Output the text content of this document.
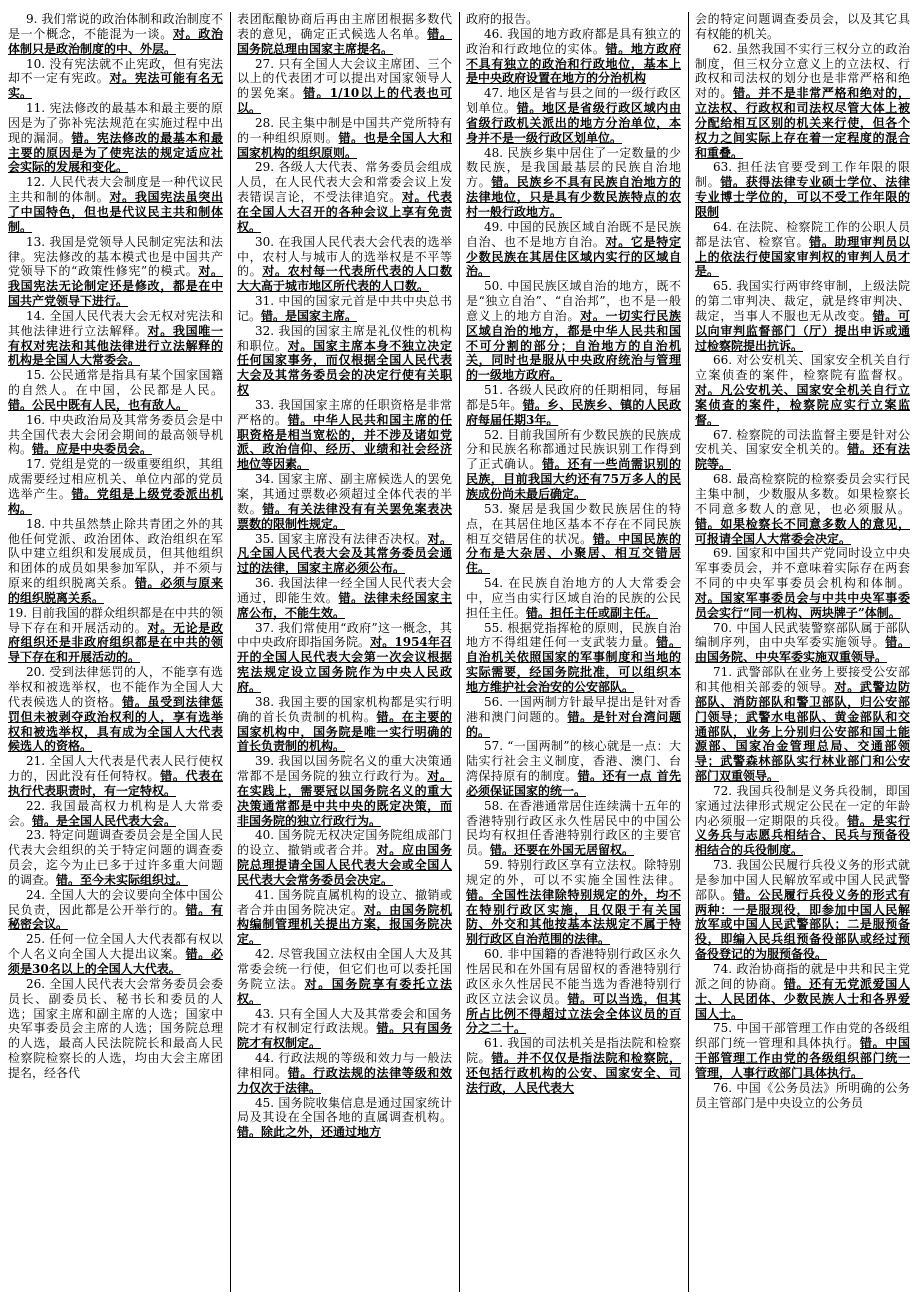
9. 我们常说的政治体制和政治制度不是一个概念，不能混为一谈。对。政治体制只是政治制度的中、外层。

10. 没有宪法就不止宪政，但有宪法却不一定有宪政。对。宪法可能有名无实。

11. 宪法修改的最基本和最主要的原因是为了弥补宪法规范在实施过程中出现的漏洞。错。宪法修改的最基本和最主要的原因是为了使宪法的规定适应社会实际的发展和变化。

12. 人民代表大会制度是一种代议民主共和制的体制。对。我国宪法虽突出了中国特色，但也是代议民主共和制体制。

13. 我国是党领导人民制定宪法和法律。宪法修改的基本模式也是中国共产党领导下的“政策性修宪”的模式。对。我国宪法无论制定还是修改，都是在中国共产党领导下进行。

14. 全国人民代表大会无权对宪法和其他法律进行立法解释。对。我国唯一有权对宪法和其他法律进行立法解释的机构是全国人大常委会。

15. 公民通常是指具有某个国家国籍的自然人。在中国，公民都是人民。错。公民中既有人民，也有敌人。

16. 中央政治局及其常务委员会是中共全国代表大会闭会期间的最高领导机构。错。应是中央委员会。

17. 党组是党的一级重要组织，其组成需要经过相应机关、单位内部的党员选举产生。错。党组是上级党委派出机构。

18. 中共虽然禁止除共青团之外的其他任何党派、政治团体、政治组织在军队中建立组织和发展成员，但其他组织和团体的成员如果参加军队，并不须与原来的组织脱离关系。错。必须与原来的组织脱离关系。

19. 目前我国的群众组织都是在中共的领导下存在和开展活动的。对。无论是政府组织还是非政府组织都是在中共的领导下存在和开展活动的。

20. 受到法律惩罚的人，不能享有选举权和被选举权，也不能作为全国人大代表候选人的资格。错。虽受到法律惩罚但未被剥夺政治权利的人，享有选举权和被选举权，具有成为全国人大代表候选人的资格。

21. 全国人大代表是代表人民行使权力的，因此没有任何特权。错。代表在执行代表职责时，有一定特权。

22. 我国最高权力机构是人大常委会。错。是全国人民代表大会。

23. 特定问题调查委员会是全国人民代表大会组织的关于特定问题的调查委员会，迄今为止已多于过许多重大问题的调查。错。至今未实际组织过。

24. 全国人大的会议要向全体中国公民负责，因此都是公开举行的。错。有秘密会议。

25. 任何一位全国人大代表都有权以个人名义向全国人大提出议案。错。必须是30名以上的全国人大代表。

26. 全国人民代表大会常务委员会委员长、副委员长、秘书长和委员的人选；国家主席和副主席的人选；国家中央军事委员会主席的人选；国务院总理的人选，最高人民法院院长和最高人民检察院检察长的人选，均由大会主席团提名，经各代

表团酝酿协商后再由主席团根据多数代表的意见，确定正式候选人名单。错。国务院总理由国家主席提名。

27. 只有全国人大会议主席团、三个以上的代表团才可以提出对国家领导人的罢免案。错。1/10以上的代表也可以。

28. 民主集中制是中国共产党所特有的一种组织原则。错。也是全国人大和国家机构的组织原则。

29. 各级人大代表、常务委员会组成人员，在人民代表大会和常委会议上发表错误言论，不受法律追究。对。代表在全国人大召开的各种会议上享有免责权。

30. 在我国人民代表大会代表的选举中，农村人与城市人的选举权是不平等的。对。农村每一代表所代表的人口数大大高于城市地区所代表的人口数。

31. 中国的国家元首是中共中央总书记。错。是国家主席。

32. 我国的国家主席是礼仪性的机构和职位。对。国家主席本身不独立决定任何国家事务，而仅根据全国人民代表大会及其常务委员会的决定行使有关职权

33. 我国国家主席的任职资格是非常严格的。错。中华人民共和国主席的任职资格是相当宽松的，并不涉及诸如党派、政治信仰、经历、业绩和社会经济地位等因素。

34. 国家主席、副主席候选人的罢免案，其通过票数必须超过全体代表的半数。错。有关法律没有有关罢免案表决票数的限制性规定。

35. 国家主席没有法律否决权。对。凡全国人民代表大会及其常务委员会通过的法律，国家主席必须公布。

36. 我国法律一经全国人民代表大会通过，即能生效。错。法律未经国家主席公布，不能生效。

37. 我们常使用“政府”这一概念，其中中央政府即指国务院。对。1954年召开的全国人民代表大会第一次会议根据宪法规定设立国务院作为中央人民政府。

38. 我国主要的国家机构都是实行明确的首长负责制的机构。错。在主要的国家机构中，国务院是唯一实行明确的首长负责制的机构。

39. 我国以国务院名义的重大决策通常都不是国务院的独立行政行为。对。在实践上，需要冠以国务院名义的重大决策通常都是中共中央的既定决策，而非国务院的独立行政行为。

40. 国务院无权决定国务院组成部门的设立、撤销或者合并。对。应由国务院总理提请全国人民代表大会或全国人民代表大会常务委员会决定。

41. 国务院直属机构的设立、撤销或者合并由国务院决定。对。由国务院机构编制管理机关提出方案，报国务院决定。

42. 尽管我国立法权由全国人大及其常委会统一行使，但它们也可以委托国务院立法。对。国务院享有委托立法权。

43. 只有全国人大及其常委会和国务院才有权制定行政法规。错。只有国务院才有权制定。

44. 行政法规的等级和效力与一般法律相同。错。行政法规的法律等级和效力仅次于法律。

45. 国务院收集信息是通过国家统计局及其设在全国各地的直属调查机构。错。除此之外，还通过地方

政府的报告。

46. 我国的地方政府都是具有独立的政治和行政地位的实体。错。地方政府不具有独立的政治和行政地位，基本上是中央政府设置在地方的分治机构

47. 地区是省与县之间的一级行政区划单位。错。地区是省级行政区域内由省级行政机关派出的地方分治单位，本身并不是一级行政区划单位。

48. 民族乡集中居住了一定数量的少数民族，是我国最基层的民族自治地方。错。民族乡不具有民族自治地方的法律地位，只是具有少数民族特点的农村一般行政地方。

49. 中国的民族区域自治既不是民族自治、也不是地方自治。对。它是特定少数民族在其居住区域内实行的区域自治。

50. 中国民族区域自治的地方，既不是“独立自治”、“自治邦”，也不是一般意义上的地方自治。对。一切实行民族区域自治的地方，都是中华人民共和国不可分割的部分；自治地方的自治机关，同时也是服从中央政府统治与管理的一级地方政府。

51. 各级人民政府的任期相同，每届都是5年。错。乡、民族乡、镇的人民政府每届任期3年。

52. 目前我国所有少数民族的民族成分和民族名称都通过民族识别工作得到了正式确认。错。还有一些尚需识别的民族，目前我国大约还有75万多人的民族成份尚未最后确定。

53. 聚居是我国少数民族居住的特点，在其居住地区基本不存在不同民族相互交错居住的状况。错。中国民族的分布是大杂居、小聚居、相互交错居住。

54. 在民族自治地方的人大常委会中，应当由实行区域自治的民族的公民担任主任。错。担任主任或副主任。

55. 根据党指挥枪的原则，民族自治地方不得组建任何一支武装力量。错。自治机关依照国家的军事制度和当地的实际需要，经国务院批准，可以组织本地方维护社会治安的公安部队。

56. 一国两制方针最早提出是针对香港和澳门问题的。错。是针对台湾问题的。

57. “一国两制”的核心就是一点：大陆实行社会主义制度，香港、澳门、台湾保持原有的制度。错。还有一点 首先必须保证国家的统一。

58. 在香港通常居住连续满十五年的香港特别行政区永久性居民中的中国公民均有权担任香港特别行政区的主要官员。错。还要在外国无居留权。

59. 特别行政区享有立法权。除特别规定的外，可以不实施全国性法律。错。全国性法律除特别规定的外，均不在特别行政区实施，且仅限于有关国防、外交和其他按基本法规定不属于特别行政区自治范围的法律。

60. 非中国籍的香港特别行政区永久性居民和在外国有居留权的香港特别行政区永久性居民不能当选为香港特别行政区立法会议员。错。可以当选，但其所占比例不得超过立法会全体议员的百分之二十。

61. 我国的司法机关是指法院和检察院。错。并不仅仅是指法院和检察院，还包括行政机构的公安、国家安全、司法行政，人民代表大

会的特定问题调查委员会，以及其它具有权能的机关。

62. 虽然我国不实行三权分立的政治制度，但三权分立意义上的立法权、行政权和司法权的划分也是非常严格和绝对的。错。并不是非常严格和绝对的，立法权、行政权和司法权尽管大体上被分配给相互区别的机关来行使，但各个权力之间实际上存在着一定程度的混合和重叠。

63. 担任法官要受到工作年限的限制。错。获得法律专业硕士学位、法律专业博士学位的，可以不受工作年限的限制

64. 在法院、检察院工作的公职人员都是法官、检察官。错。助理审判员以上的依法行使国家审判权的审判人员才是。

65. 我国实行两审终审制，上级法院的第二审判决、裁定，就是终审判决、裁定，当事人不服也无从改变。错。可以向审判监督部门（厅）提出申诉或通过检察院提出抗诉。

66. 对公安机关、国家安全机关自行立案侦查的案件，检察院有监督权。对。凡公安机关、国家安全机关自行立案侦查的案件，检察院应实行立案监督。

67. 检察院的司法监督主要是针对公安机关、国家安全机关的。错。还有法院等。

68. 最高检察院的检察委员会实行民主集中制，少数服从多数。如果检察长不同意多数人的意见，也必须服从。错。如果检察长不同意多数人的意见，可报请全国人大常委会决定。

69. 国家和中国共产党同时设立中央军事委员会，并不意味着实际存在两套不同的中央军事委员会机构和体制。对。国家军事委员会与中共中央军事委员会实行“同一机构、两块牌子”体制。

70. 中国人民武装警察部队属于部队编制序列，由中央军委实施领导。错。由国务院、中央军委实施双重领导。

71. 武警部队在业务上要接受公安部和其他相关部委的领导。对。武警边防部队、消防部队和警卫部队，归公安部门领导；武警水电部队、黄金部队和交通部队，业务上分别归公安部和国土能源部、国家冶金管理总局、交通部领导；武警森林部队实行林业部门和公安部门双重领导。

72. 我国兵役制是义务兵役制，即国家通过法律形式规定公民在一定的年龄内必须服一定期限的兵役。错。是实行义务兵与志愿兵相结合、民兵与预备役相结合的兵役制度。

73. 我国公民履行兵役义务的形式就是参加中国人民解放军或中国人民武警部队。错。公民履行兵役义务的形式有两种：一是服现役，即参加中国人民解放军或中国人民武警部队；二是服预备役，即编入民兵组预备役部队或经过预备役登记的为服预备役。

74. 政治协商指的就是中共和民主党派之间的协商。错。还有无党派爱国人士、人民团体、少数民族人士和各界爱国人士。

75. 中国干部管理工作由党的各级组织部门统一管理和具体执行。错。中国干部管理工作由党的各级组织部门统一管理，人事行政部门具体执行。

76. 中国《公务员法》所明确的公务员主管部门是中央设立的公务员
